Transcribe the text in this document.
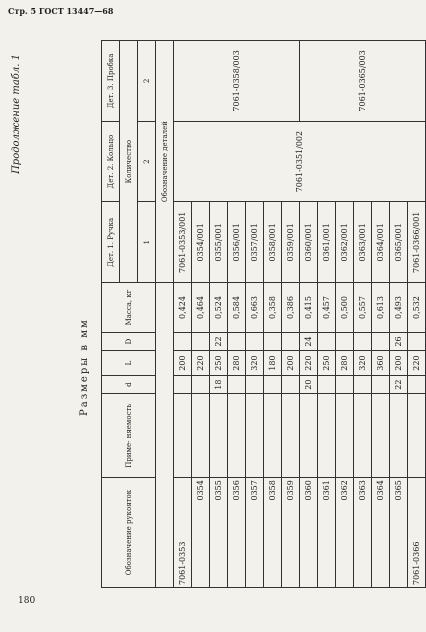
Стр. 5 ГОСТ 13447—68
180
Продолжение табл. 1
Размеры в мм
Обозначение рукояток	Приме- няемость	d	L	D	Масса, кг	Дет. 1. Ручка	Дет. 2. Кольцо	Дет. 3. Пробка
						Количество		
						1	2	2
						Обозначение деталей		
7061-0353			200		0,424	7061-0353/001	7061-0351/002	7061-0358/003
0354			220		0,464	0354/001		
0355		18	250	22	0,524	0355/001		
0356			280		0,584	0356/001		
0357			320		0,663	0357/001		
0358			180		0,358	0358/001		
0359			200		0,386	0359/001		
0360		20	220	24	0,415	0360/001		7061-0365/003
0361			250		0,457	0361/001		
0362			280		0,500	0362/001		
0363			320		0,557	0363/001		
0364			360		0,613	0364/001		
0365		22	200	26	0,493	0365/001		
7061-0366			220		0,532	7061-0366/001		
